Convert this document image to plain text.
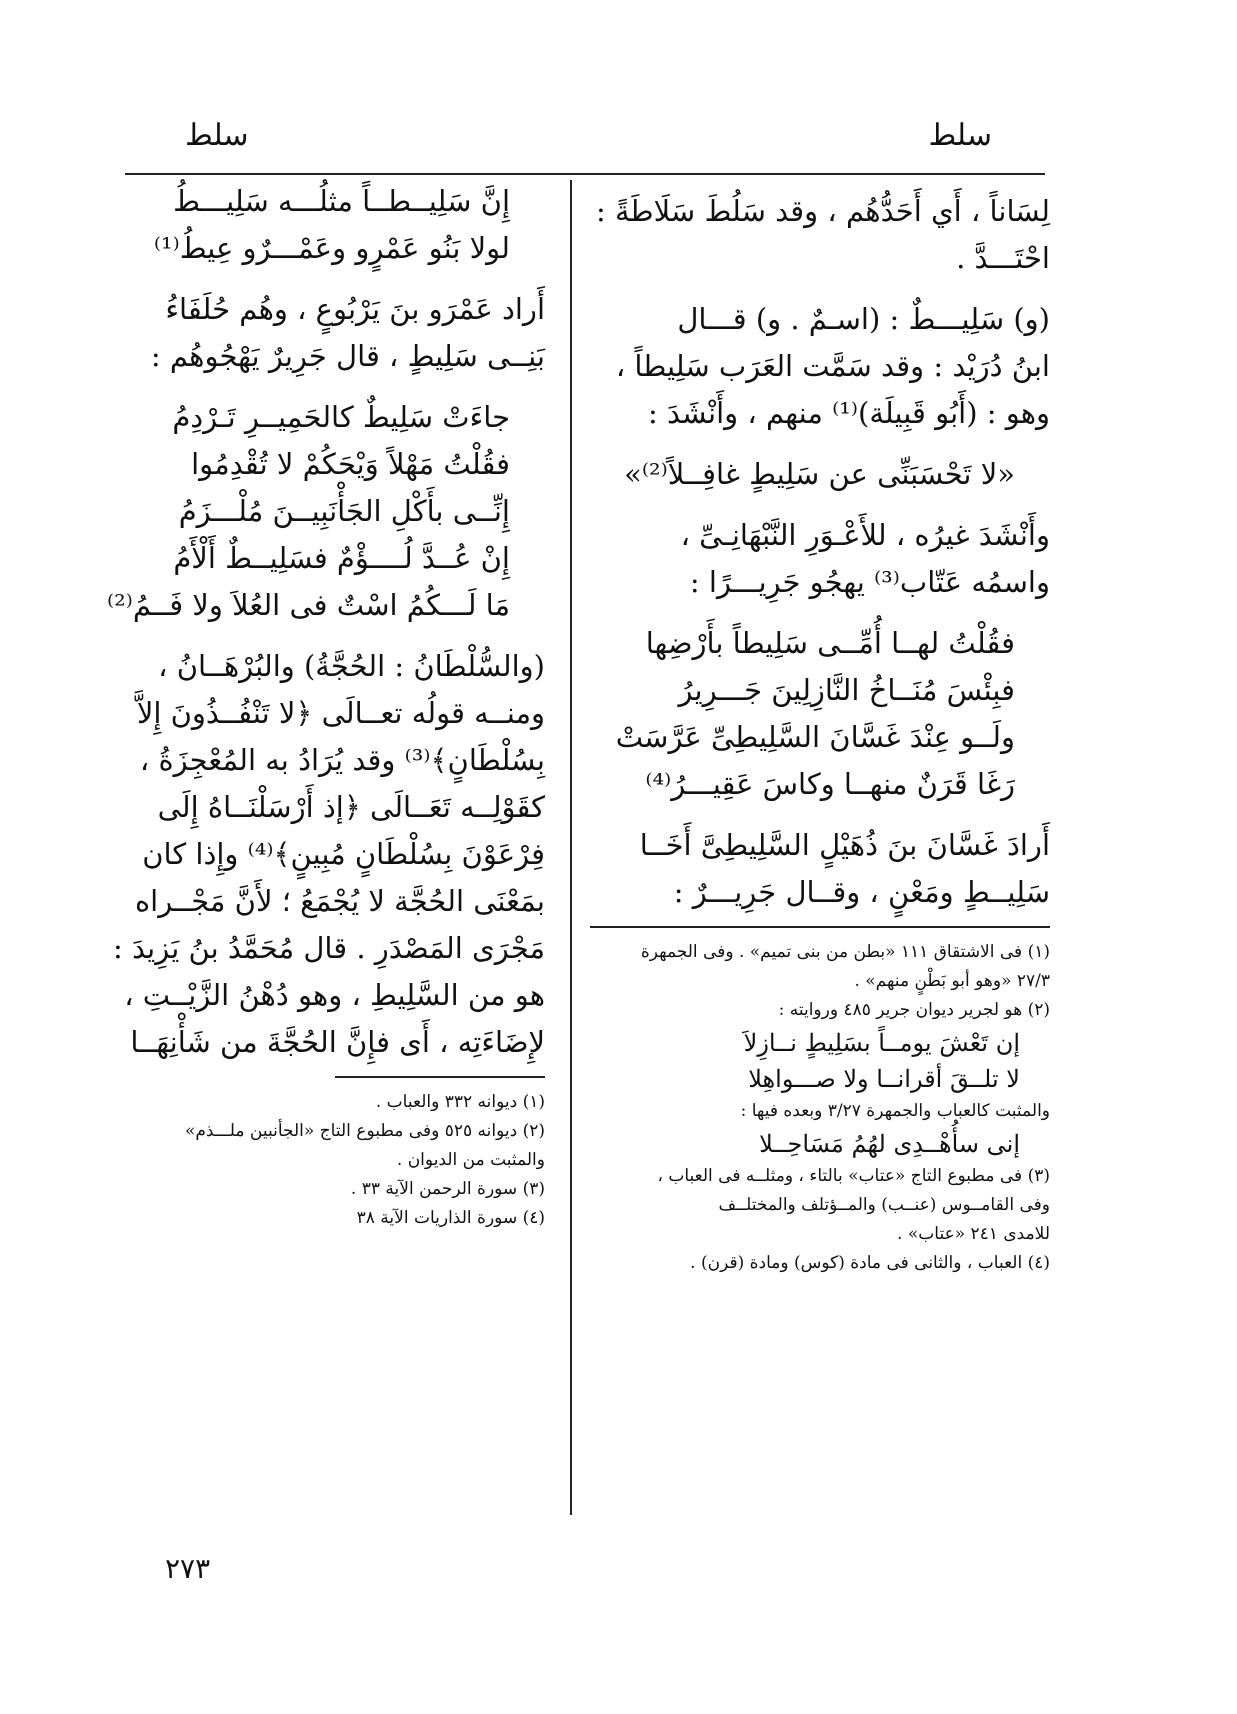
سلط
سلط
لِسَاناً ، أَي أَحَدُّهُم ، وقد سَلُطَ سَلَاطَةً :
احْتَـــدَّ .
(و) سَلِيـــطٌ : (اسـمٌ . و) قـــال
ابنُ دُرَيْد : وقد سَمَّت العَرَب سَلِيطاً ،
وهو : (أَبُو قَبِيلَة)⁽¹⁾ منهم ، وأَنْشَدَ :
«لا تَحْسَبَنِّى عن سَلِيطٍ غافِــلاً⁽²⁾»
وأَنْشَدَ غيرُه ، للأَعْـوَرِ النَّبْهَانِـىِّ ،
واسمُه عَتّاب⁽³⁾ يهجُو جَرِيـــرًا :
فقُلْتُ لهــا أُمِّــى سَلِيطاً بأَرْضِها
فبِئْسَ مُنَــاخُ النَّازِلِينَ جَـــرِيرُ
ولَــو عِنْدَ غَسَّانَ السَّلِيطِىِّ عَرَّسَتْ
رَغَا قَرَنٌ منهــا وكاسَ عَقِيـــرُ⁽⁴⁾
أَرادَ غَسَّانَ بنَ ذُهَيْلٍ السَّلِيطِىَّ أَخَــا
سَلِيــطٍ ومَعْنٍ ، وقــال جَرِيـــرٌ :
(١) فى الاشتقاق ١١١ «بطن من بنى تميم» . وفى الجمهرة
٢٧/٣ «وهو أبو بَطْنٍ منهم» .
(٢) هو لجرير ديوان جرير ٤٨٥ وروايته :
إن تَعْشَ يومــاً بسَلِيطٍ نــازِلاَ
لا تلــقَ أقرانــا ولا صـــواهِلا
والمثبت كالعباب والجمهرة ٣/٢٧ وبعده فيها :
إنى سأُهْــدِى لهُمُ مَسَاحِــلا
(٣) فى مطبوع التاج «عتاب» بالتاء ، ومثلــه فى العباب ،
وفى القامــوس (عنــب) والمــؤتلف والمختلــف
للامدى ٢٤١ «عتاب» .
(٤) العباب ، والثانى فى مادة (كوس) ومادة (قرن) .
إِنَّ سَلِيــطــاً مثلُـــه سَلِيـــطُ
لولا بَنُو عَمْرٍو وعَمْـــرٌو عِيطُ⁽¹⁾
أَراد عَمْرَو بنَ يَرْبُوعٍ ، وهُم حُلَفَاءُ
بَنِــى سَلِيطٍ ، قال جَرِيرٌ يَهْجُوهُم :
جاءَتْ سَلِيطٌ كالحَمِيــرِ تَـرْدِمُ
فقُلْتُ مَهْلاً وَيْحَكُمْ لا تُقْدِمُوا
إِنِّــى بأَكْلِ الجَأْنَبِيــنَ مُلْـــزَمُ
إِنْ عُــدَّ لُــــؤْمٌ فسَلِيــطٌ أَلْأَمُ
مَا لَـــكُمُ اسْتٌ فى العُلاَ ولا فَــمُ⁽²⁾
(والسُّلْطَانُ : الحُجَّةُ) والبُرْهَــانُ ،
ومنــه قولُه تعــالَى ﴿لا تَنْفُــذُونَ إِلاَّ
بِسُلْطَانٍ﴾⁽³⁾ وقد يُرَادُ به المُعْجِزَةُ ،
كقَوْلِــه تَعَــالَى ﴿إذ أَرْسَلْنَــاهُ إِلَى
فِرْعَوْنَ بِسُلْطَانٍ مُبِينٍ﴾⁽⁴⁾ وإِذا كان
بمَعْنَى الحُجَّة لا يُجْمَعُ ؛ لأَنَّ مَجْــراه
مَجْرَى المَصْدَرِ . قال مُحَمَّدُ بنُ يَزِيدَ :
هو من السَّلِيطِ ، وهو دُهْنُ الزَّيْــتِ ،
لإِضَاءَتِه ، أَى فإِنَّ الحُجَّةَ من شَأْنِهَــا
(١) ديوانه ٣٣٢ والعباب .
(٢) ديوانه ٥٢٥ وفى مطبوع التاج «الجأنبين ملـــذم»
والمثبت من الديوان .
(٣) سورة الرحمن الآية ٣٣ .
(٤) سورة الذاريات الآية ٣٨
٢٧٣
